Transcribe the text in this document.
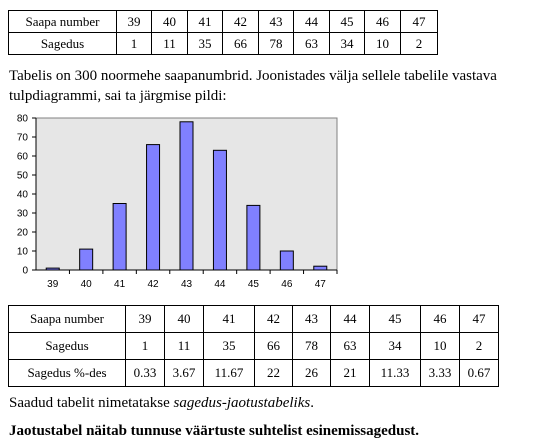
Saapa number	39	40	41	42	43	44	45	46	47
Sagedus	1	11	35	66	78	63	34	10	2

Tabelis on 300 noormehe saapanumbrid. Joonistades välja sellele tabelile vastava

tulpdiagrammi, sai ta järgmise pildi:

0
10
20
30
40
50
60
70
80
39 40 41 42 43 44 45 46 47
Saapa number	39	40	41	42	43	44	45	46	47
Sagedus	1	11	35	66	78	63	34	10	2
Sagedus %-des	0.33	3.67	11.67	22	26	21	11.33	3.33	0.67

Saadud tabelit nimetatakse sagedus-jaotustabeliks.

Jaotustabel näitab tunnuse väärtuste suhtelist esinemissagedust.
